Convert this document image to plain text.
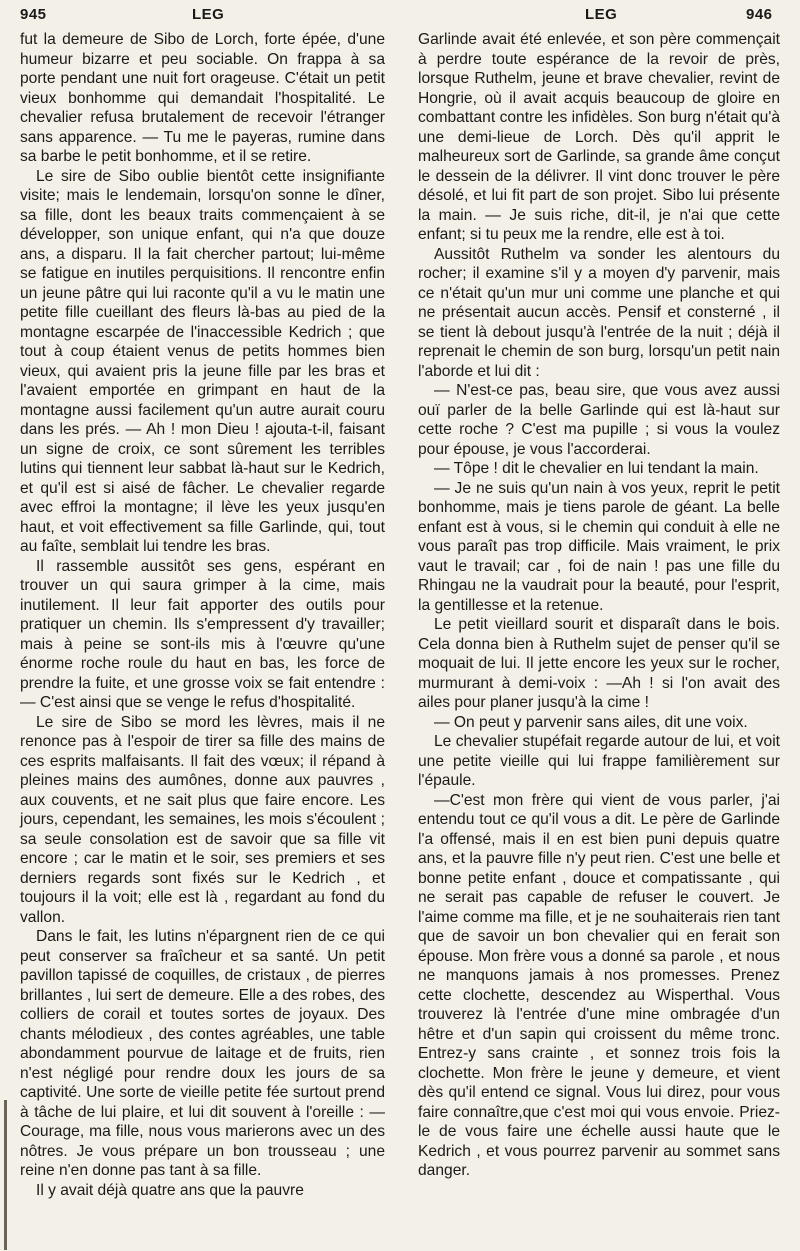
945	LEG	LEG	946

fut la demeure de Sibo de Lorch, forte épée, d'une humeur bizarre et peu sociable. On frappa à sa porte pendant une nuit fort orageuse. C'était un petit vieux bonhomme qui demandait l'hospitalité. Le chevalier refusa brutalement de recevoir l'étranger sans apparence. — Tu me le payeras, rumine dans sa barbe le petit bonhomme, et il se retire.

Le sire de Sibo oublie bientôt cette insignifiante visite; mais le lendemain, lorsqu'on sonne le dîner, sa fille, dont les beaux traits commençaient à se développer, son unique enfant, qui n'a que douze ans, a disparu. Il la fait chercher partout; lui-même se fatigue en inutiles perquisitions. Il rencontre enfin un jeune pâtre qui lui raconte qu'il a vu le matin une petite fille cueillant des fleurs là-bas au pied de la montagne escarpée de l'inaccessible Kedrich ; que tout à coup étaient venus de petits hommes bien vieux, qui avaient pris la jeune fille par les bras et l'avaient emportée en grimpant en haut de la montagne aussi facilement qu'un autre aurait couru dans les prés. — Ah ! mon Dieu ! ajouta-t-il, faisant un signe de croix, ce sont sûrement les terribles lutins qui tiennent leur sabbat là-haut sur le Kedrich, et qu'il est si aisé de fâcher. Le chevalier regarde avec effroi la montagne; il lève les yeux jusqu'en haut, et voit effectivement sa fille Garlinde, qui, tout au faîte, semblait lui tendre les bras.

Il rassemble aussitôt ses gens, espérant en trouver un qui saura grimper à la cime, mais inutilement. Il leur fait apporter des outils pour pratiquer un chemin. Ils s'empressent d'y travailler; mais à peine se sont-ils mis à l'œuvre qu'une énorme roche roule du haut en bas, les force de prendre la fuite, et une grosse voix se fait entendre : — C'est ainsi que se venge le refus d'hospitalité.

Le sire de Sibo se mord les lèvres, mais il ne renonce pas à l'espoir de tirer sa fille des mains de ces esprits malfaisants. Il fait des vœux; il répand à pleines mains des aumônes, donne aux pauvres , aux couvents, et ne sait plus que faire encore. Les jours, cependant, les semaines, les mois s'écoulent ; sa seule consolation est de savoir que sa fille vit encore ; car le matin et le soir, ses premiers et ses derniers regards sont fixés sur le Kedrich , et toujours il la voit; elle est là , regardant au fond du vallon.

Dans le fait, les lutins n'épargnent rien de ce qui peut conserver sa fraîcheur et sa santé. Un petit pavillon tapissé de coquilles, de cristaux , de pierres brillantes , lui sert de demeure. Elle a des robes, des colliers de corail et toutes sortes de joyaux. Des chants mélodieux , des contes agréables, une table abondamment pourvue de laitage et de fruits, rien n'est négligé pour rendre doux les jours de sa captivité. Une sorte de vieille petite fée surtout prend à tâche de lui plaire, et lui dit souvent à l'oreille : — Courage, ma fille, nous vous marierons avec un des nôtres. Je vous prépare un bon trousseau ; une reine n'en donne pas tant à sa fille.

Il y avait déjà quatre ans que la pauvre

Garlinde avait été enlevée, et son père commençait à perdre toute espérance de la revoir de près, lorsque Ruthelm, jeune et brave chevalier, revint de Hongrie, où il avait acquis beaucoup de gloire en combattant contre les infidèles. Son burg n'était qu'à une demi-lieue de Lorch. Dès qu'il apprit le malheureux sort de Garlinde, sa grande âme conçut le dessein de la délivrer. Il vint donc trouver le père désolé, et lui fit part de son projet. Sibo lui présente la main. — Je suis riche, dit-il, je n'ai que cette enfant; si tu peux me la rendre, elle est à toi.

Aussitôt Ruthelm va sonder les alentours du rocher; il examine s'il y a moyen d'y parvenir, mais ce n'était qu'un mur uni comme une planche et qui ne présentait aucun accès. Pensif et consterné , il se tient là debout jusqu'à l'entrée de la nuit ; déjà il reprenait le chemin de son burg, lorsqu'un petit nain l'aborde et lui dit :

— N'est-ce pas, beau sire, que vous avez aussi ouï parler de la belle Garlinde qui est là-haut sur cette roche ? C'est ma pupille ; si vous la voulez pour épouse, je vous l'accorderai.

— Tôpe ! dit le chevalier en lui tendant la main.

— Je ne suis qu'un nain à vos yeux, reprit le petit bonhomme, mais je tiens parole de géant. La belle enfant est à vous, si le chemin qui conduit à elle ne vous paraît pas trop difficile. Mais vraiment, le prix vaut le travail; car , foi de nain ! pas une fille du Rhingau ne la vaudrait pour la beauté, pour l'esprit, la gentillesse et la retenue.

Le petit vieillard sourit et disparaît dans le bois. Cela donna bien à Ruthelm sujet de penser qu'il se moquait de lui. Il jette encore les yeux sur le rocher, murmurant à demi-voix : —Ah ! si l'on avait des ailes pour planer jusqu'à la cime !

— On peut y parvenir sans ailes, dit une voix.

Le chevalier stupéfait regarde autour de lui, et voit une petite vieille qui lui frappe familièrement sur l'épaule.

—C'est mon frère qui vient de vous parler, j'ai entendu tout ce qu'il vous a dit. Le père de Garlinde l'a offensé, mais il en est bien puni depuis quatre ans, et la pauvre fille n'y peut rien. C'est une belle et bonne petite enfant , douce et compatissante , qui ne serait pas capable de refuser le couvert. Je l'aime comme ma fille, et je ne souhaiterais rien tant que de savoir un bon chevalier qui en ferait son épouse. Mon frère vous a donné sa parole , et nous ne manquons jamais à nos promesses. Prenez cette clochette, descendez au Wisperthal. Vous trouverez là l'entrée d'une mine ombragée d'un hêtre et d'un sapin qui croissent du même tronc. Entrez-y sans crainte , et sonnez trois fois la clochette. Mon frère le jeune y demeure, et vient dès qu'il entend ce signal. Vous lui direz, pour vous faire connaître,que c'est moi qui vous envoie. Priez-le de vous faire une échelle aussi haute que le Kedrich , et vous pourrez parvenir au sommet sans danger.
